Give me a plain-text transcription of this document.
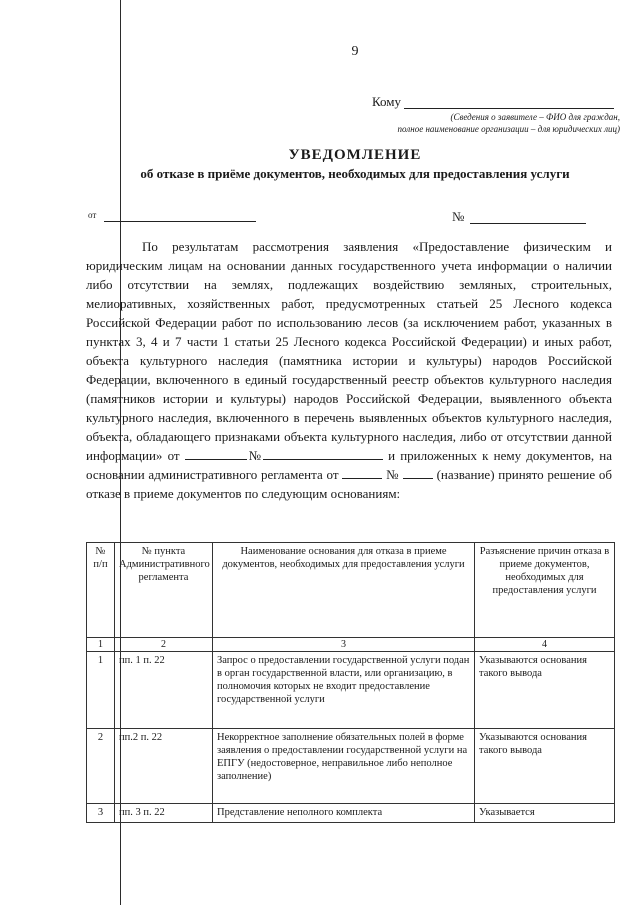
9
Кому
(Сведения о заявителе – ФИО для граждан,
полное наименование организации – для юридических лиц)
УВЕДОМЛЕНИЕ
об отказе в приёме документов, необходимых для предоставления услуги
от	№

По результатам рассмотрения заявления «Предоставление физическим и юридическим лицам на основании данных государственного учета информации о наличии либо отсутствии на землях, подлежащих воздействию земляных, строительных, мелиоративных, хозяйственных работ, предусмотренных статьей 25 Лесного кодекса Российской Федерации работ по использованию лесов (за исключением работ, указанных в пунктах 3, 4 и 7 части 1 статьи 25 Лесного кодекса Российской Федерации) и иных работ, объекта культурного наследия (памятника истории и культуры) народов Российской Федерации, включенного в единый государственный реестр объектов культурного наследия (памятников истории и культуры) народов Российской Федерации, выявленного объекта культурного наследия, включенного в перечень выявленных объектов культурного наследия, объекта, обладающего признаками объекта культурного наследия, либо от отсутствии данной информации» от	№	и приложенных к нему документов, на основании административного регламента от	№	(название) принято решение об отказе в приеме документов по следующим основаниям:

№ п/п	№ пункта Административного регламента	Наименование основания для отказа в приеме документов, необходимых для предоставления услуги	Разъяснение причин отказа в приеме документов, необходимых для предоставления услуги
1	2	3	4
1	пп. 1 п. 22	Запрос о предоставлении государственной услуги подан в орган государственной власти, или организацию, в полномочия которых не входит предоставление государственной услуги	Указываются основания такого вывода
2	пп.2 п. 22	Некорректное заполнение обязательных полей в форме заявления о предоставлении государственной услуги на ЕПГУ (недостоверное, неправильное либо неполное заполнение)	Указываются основания такого вывода
3	пп. 3 п. 22	Представление неполного комплекта	Указывается
